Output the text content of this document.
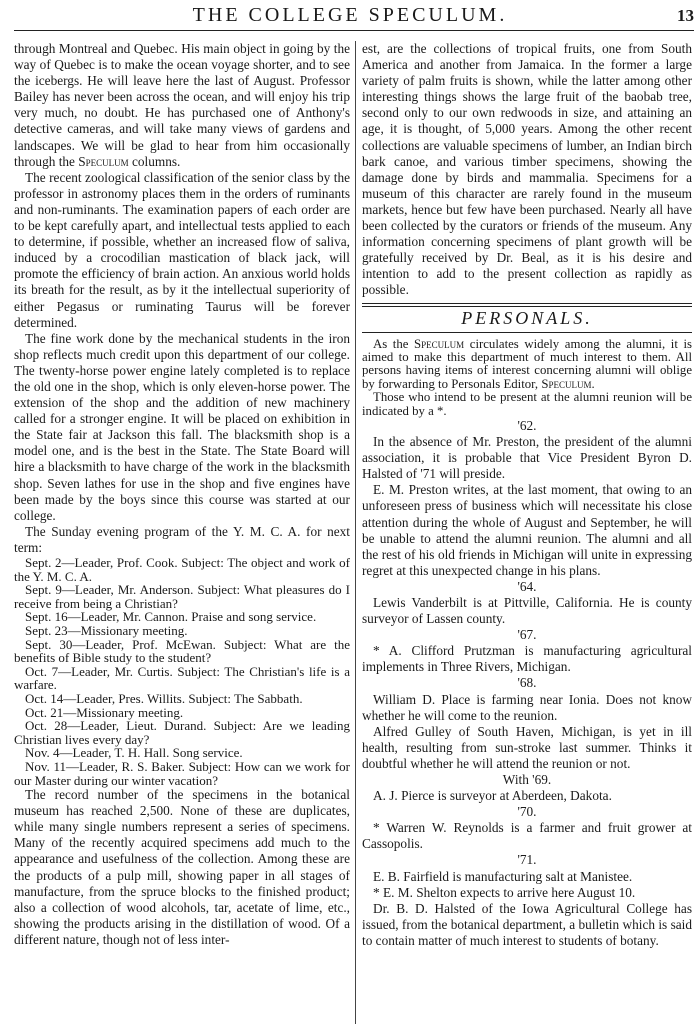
THE COLLEGE SPECULUM.	13

through Montreal and Quebec. His main object in going by the way of Quebec is to make the ocean voyage shorter, and to see the icebergs. He will leave here the last of August. Professor Bailey has never been across the ocean, and will enjoy his trip very much, no doubt. He has purchased one of Anthony's detective cameras, and will take many views of gardens and landscapes. We will be glad to hear from him occasionally through the Speculum columns.

The recent zoological classification of the senior class by the professor in astronomy places them in the orders of ruminants and non-ruminants. The examination papers of each order are to be kept carefully apart, and intellectual tests applied to each to determine, if possible, whether an increased flow of saliva, induced by a crocodilian mastication of black jack, will promote the efficiency of brain action. An anxious world holds its breath for the result, as by it the intellectual superiority of either Pegasus or ruminating Taurus will be forever determined.

The fine work done by the mechanical students in the iron shop reflects much credit upon this department of our college. The twenty-horse power engine lately completed is to replace the old one in the shop, which is only eleven-horse power. The extension of the shop and the addition of new machinery called for a stronger engine. It will be placed on exhibition in the State fair at Jackson this fall. The blacksmith shop is a model one, and is the best in the State. The State Board will hire a blacksmith to have charge of the work in the blacksmith shop. Seven lathes for use in the shop and five engines have been made by the boys since this course was started at our college.

The Sunday evening program of the Y. M. C. A. for next term:

Sept. 2—Leader, Prof. Cook. Subject: The object and work of the Y. M. C. A.

Sept. 9—Leader, Mr. Anderson. Subject: What pleasures do I receive from being a Christian?

Sept. 16—Leader, Mr. Cannon. Praise and song service.

Sept. 23—Missionary meeting.

Sept. 30—Leader, Prof. McEwan. Subject: What are the benefits of Bible study to the student?

Oct. 7—Leader, Mr. Curtis. Subject: The Christian's life is a warfare.

Oct. 14—Leader, Pres. Willits. Subject: The Sabbath.

Oct. 21—Missionary meeting.

Oct. 28—Leader, Lieut. Durand. Subject: Are we leading Christian lives every day?

Nov. 4—Leader, T. H. Hall. Song service.

Nov. 11—Leader, R. S. Baker. Subject: How can we work for our Master during our winter vacation?

The record number of the specimens in the botanical museum has reached 2,500. None of these are duplicates, while many single numbers represent a series of specimens. Many of the recently acquired specimens add much to the appearance and usefulness of the collection. Among these are the products of a pulp mill, showing paper in all stages of manufacture, from the spruce blocks to the finished product; also a collection of wood alcohols, tar, acetate of lime, etc., showing the products arising in the distillation of wood. Of a different nature, though not of less inter-

est, are the collections of tropical fruits, one from South America and another from Jamaica. In the former a large variety of palm fruits is shown, while the latter among other interesting things shows the large fruit of the baobab tree, second only to our own redwoods in size, and attaining an age, it is thought, of 5,000 years. Among the other recent collections are valuable specimens of lumber, an Indian birch bark canoe, and various timber specimens, showing the damage done by birds and mammalia. Specimens for a museum of this character are rarely found in the museum markets, hence but few have been purchased. Nearly all have been collected by the curators or friends of the museum. Any information concerning specimens of plant growth will be gratefully received by Dr. Beal, as it is his desire and intention to add to the present collection as rapidly as possible.

PERSONALS.

As the Speculum circulates widely among the alumni, it is aimed to make this department of much interest to them. All persons having items of interest concerning alumni will oblige by forwarding to Personals Editor, Speculum.

Those who intend to be present at the alumni reunion will be indicated by a *.

'62.

In the absence of Mr. Preston, the president of the alumni association, it is probable that Vice President Byron D. Halsted of '71 will preside.

E. M. Preston writes, at the last moment, that owing to an unforeseen press of business which will necessitate his close attention during the whole of August and September, he will be unable to attend the alumni reunion. The alumni and all the rest of his old friends in Michigan will unite in expressing regret at this unexpected change in his plans.

'64.

Lewis Vanderbilt is at Pittville, California. He is county surveyor of Lassen county.

'67.

* A. Clifford Prutzman is manufacturing agricultural implements in Three Rivers, Michigan.

'68.

William D. Place is farming near Ionia. Does not know whether he will come to the reunion.

Alfred Gulley of South Haven, Michigan, is yet in ill health, resulting from sun-stroke last summer. Thinks it doubtful whether he will attend the reunion or not.

With '69.

A. J. Pierce is surveyor at Aberdeen, Dakota.

'70.

* Warren W. Reynolds is a farmer and fruit grower at Cassopolis.

'71.

E. B. Fairfield is manufacturing salt at Manistee.

* E. M. Shelton expects to arrive here August 10.

Dr. B. D. Halsted of the Iowa Agricultural College has issued, from the botanical department, a bulletin which is said to contain matter of much interest to students of botany.
